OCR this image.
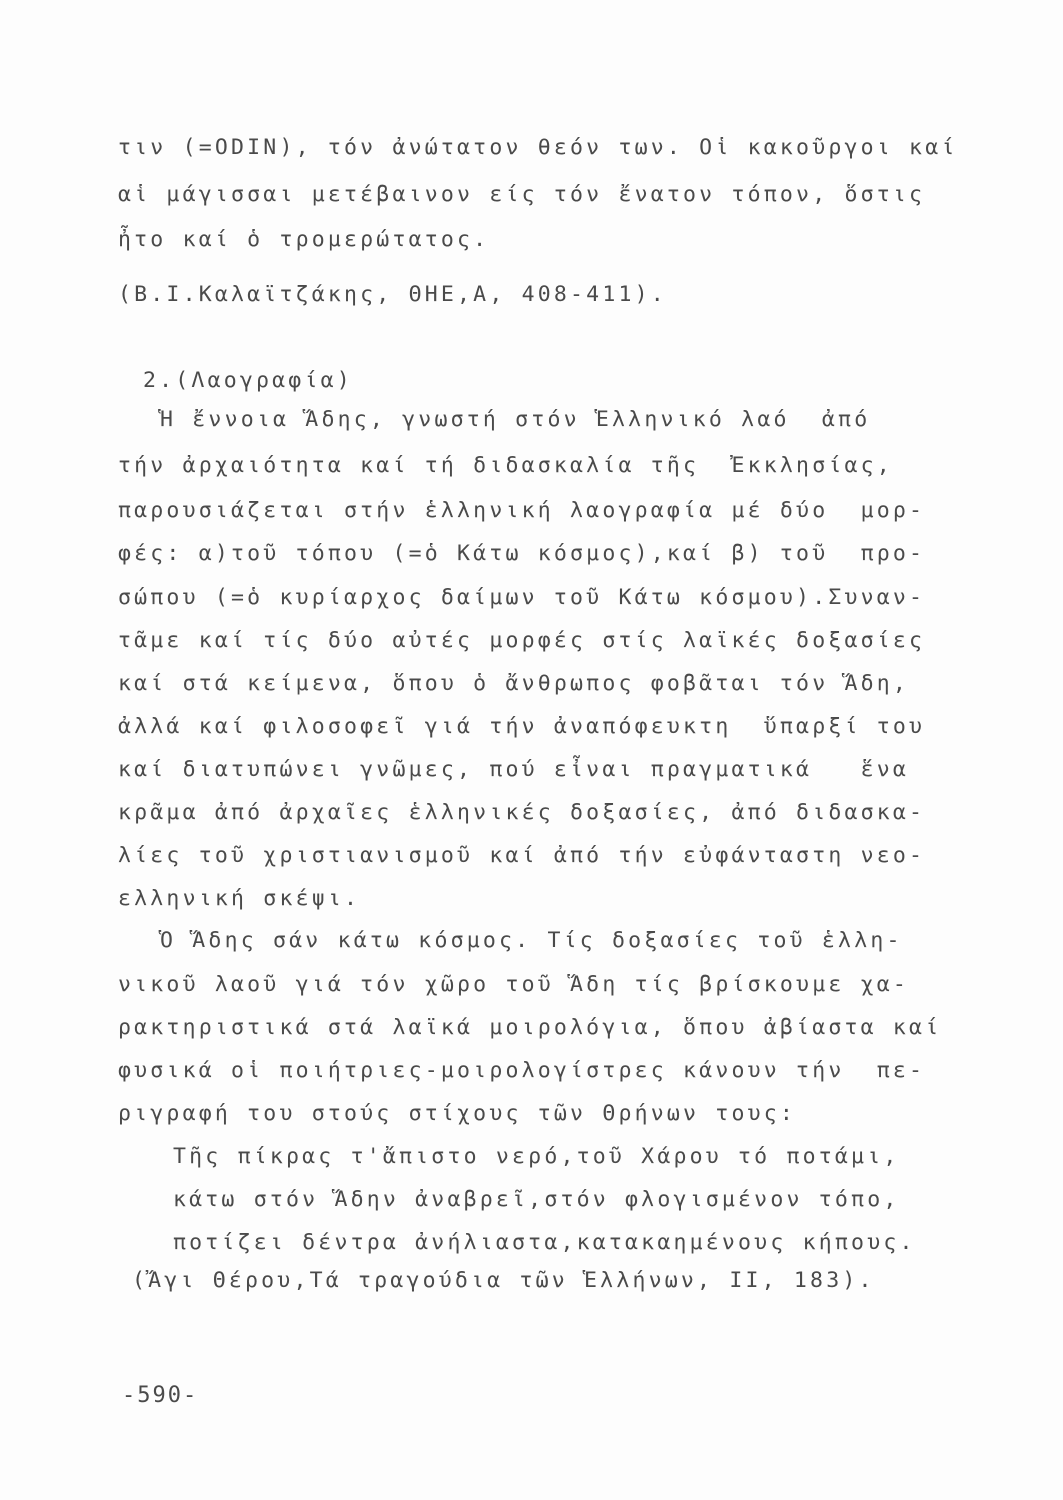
τιν (=ODIN), τόν ἀνώτατον θεόν των. Οἱ κακοῦργοι καί
αἱ μάγισσαι μετέβαινον είς τόν ἔνατον τόπον, ὅστις
ἦτο καί ὁ τρομερώτατος.
(Β.Ι.Καλαϊτζάκης, ΘΗΕ,Α, 408-411).
2.(Λαογραφία)
Ἡ ἔννοια Ἅδης, γνωστή στόν Ἑλληνικό λαό  ἀπό
τήν ἀρχαιότητα καί τή διδασκαλία τῆς  Ἐκκλησίας,
παρουσιάζεται στήν ἑλληνική λαογραφία μέ δύο  μορ-
φές: α)τοῦ τόπου (=ὁ Κάτω κόσμος),καί β) τοῦ  προ-
σώπου (=ὁ κυρίαρχος δαίμων τοῦ Κάτω κόσμου).Συναν-
τᾶμε καί τίς δύο αὐτές μορφές στίς λαϊκές δοξασίες
καί στά κείμενα, ὅπου ὁ ἄνθρωπος φοβᾶται τόν Ἅδη,
ἀλλά καί φιλοσοφεῖ γιά τήν ἀναπόφευκτη  ὕπαρξί του
καί διατυπώνει γνῶμες, πού εἶναι πραγματικά   ἕνα
κρᾶμα ἀπό ἀρχαῖες ἑλληνικές δοξασίες, ἀπό διδασκα-
λίες τοῦ χριστιανισμοῦ καί ἀπό τήν εὐφάνταστη νεο-
ελληνική σκέψι.
Ὁ Ἅδης σάν κάτω κόσμος. Τίς δοξασίες τοῦ ἑλλη-
νικοῦ λαοῦ γιά τόν χῶρο τοῦ Ἅδη τίς βρίσκουμε χα-
ρακτηριστικά στά λαϊκά μοιρολόγια, ὅπου ἀβίαστα καί
φυσικά οἱ ποιήτριες-μοιρολογίστρες κάνουν τήν  πε-
ριγραφή του στούς στίχους τῶν Θρήνων τους:
Τῆς πίκρας τ'ἄπιστο νερό,τοῦ Χάρου τό ποτάμι,
κάτω στόν Ἅδην ἀναβρεῖ,στόν φλογισμένον τόπο,
ποτίζει δέντρα ἀνήλιαστα,κατακαημένους κήπους.
(Ἄγι Θέρου,Τά τραγούδια τῶν Ἑλλήνων, ΙΙ, 183).
-590-
